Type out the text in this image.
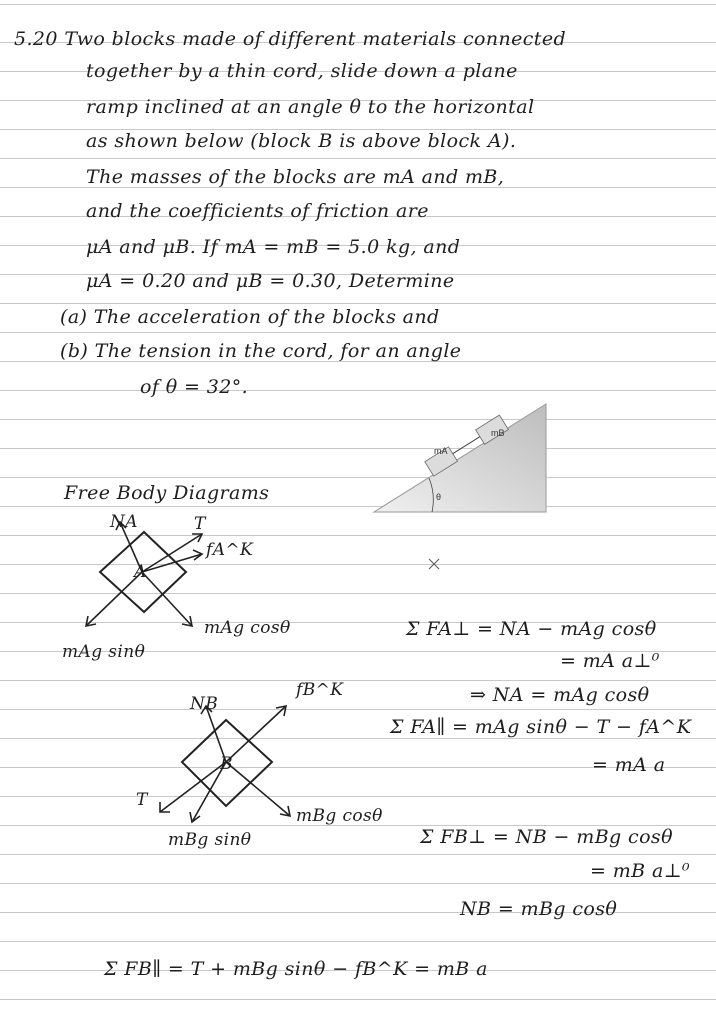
5.20 Two blocks made of different materials connected

together by a thin cord, slide down a plane

ramp inclined at an angle θ to the horizontal

as shown below (block B is above block A).

The masses of the blocks are mA and mB,

and the coefficients of friction are

μA and μB. If mA = mB = 5.0 kg, and

μA = 0.20 and μB = 0.30, Determine

(a) The acceleration of the blocks and

(b) The tension in the cord, for an angle

of θ = 32°.

mA
mB
θ

Free Body Diagrams

NA	T

fA^K

A

mAg cosθ

mAg sinθ

NB

fB^K

B

T

mBg cosθ

mBg sinθ

Σ FA⊥ = NA − mAg cosθ

= mA a⊥⁰

⇒ NA = mAg cosθ

Σ FA∥ = mAg sinθ − T − fA^K

= mA a

Σ FB⊥ = NB − mBg cosθ

= mB a⊥⁰

NB = mBg cosθ

Σ FB∥ = T + mBg sinθ − fB^K = mB a
